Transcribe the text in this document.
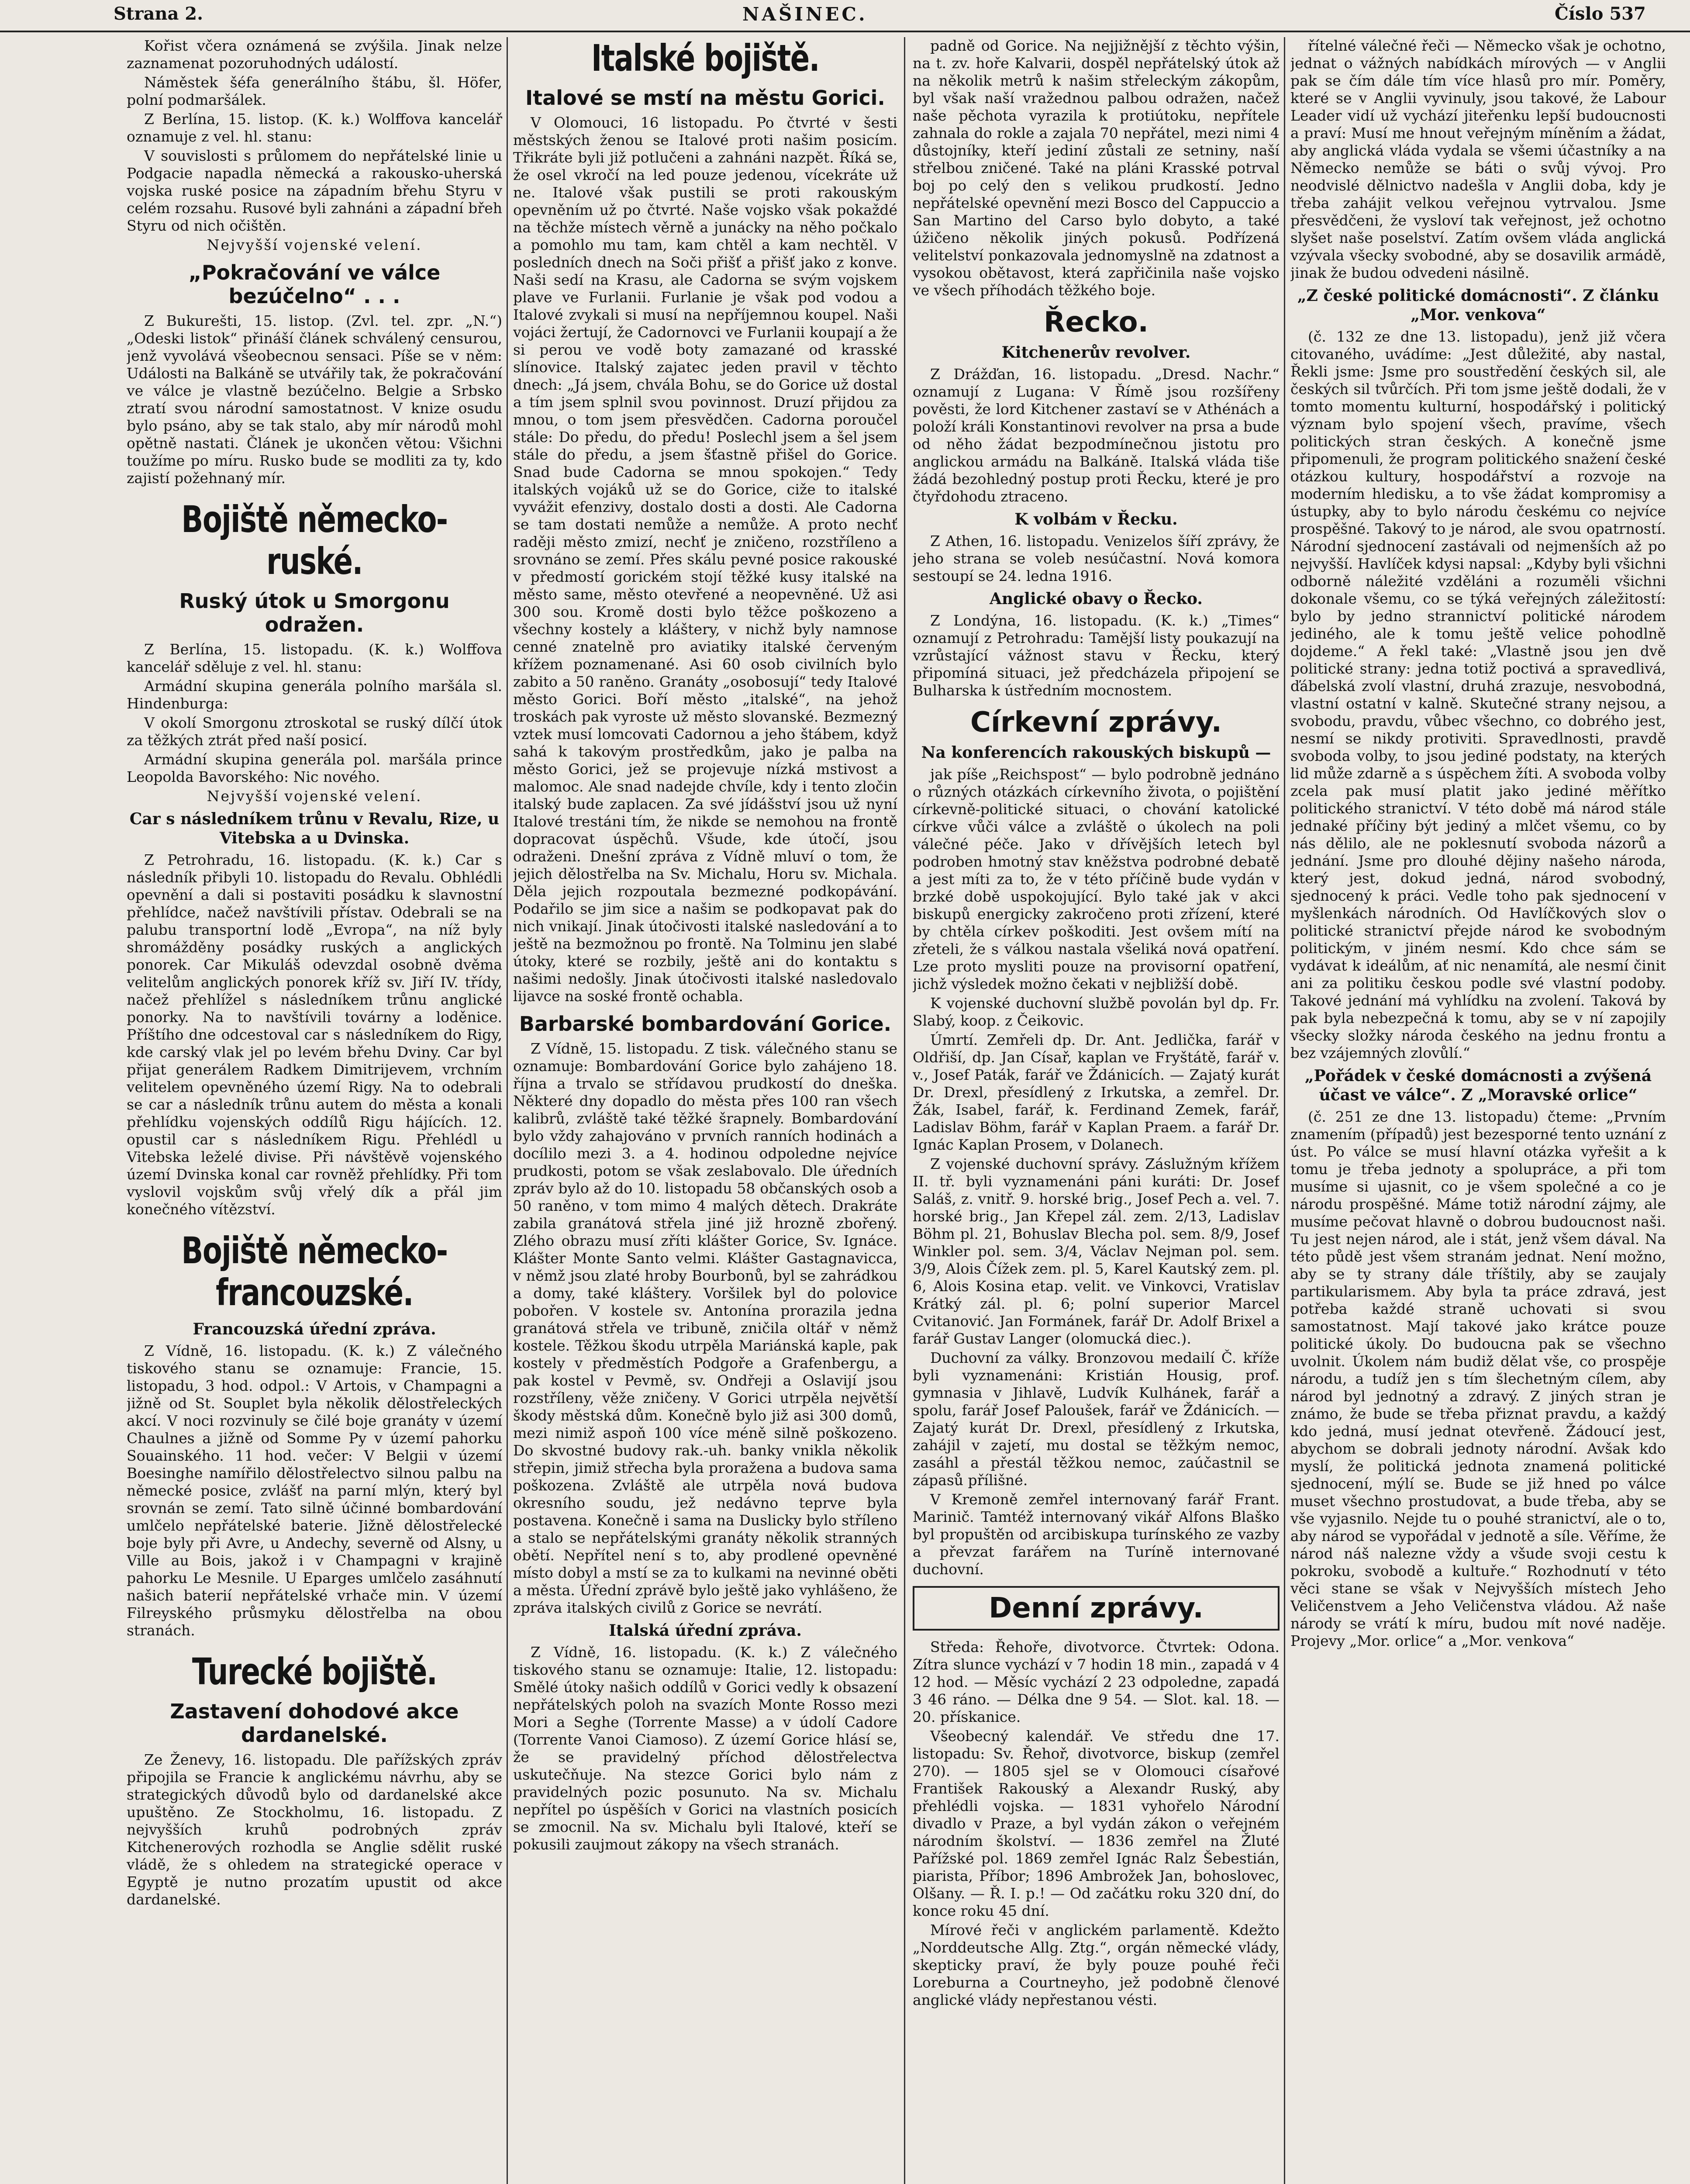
Strana 2.	NAŠINEC.	Číslo 537

Kořist včera oznámená se zvýšila. Jinak nelze zaznamenat pozoruhodných událostí.

Náměstek šéfa generálního štábu, šl. Höfer, polní podmaršálek.

Z Berlína, 15. listop. (K. k.) Wolffova kancelář oznamuje z vel. hl. stanu:

V souvislosti s průlomem do nepřátelské linie u Podgacie napadla německá a rakousko-uherská vojska ruské posice na západním břehu Styru v celém rozsahu. Rusové byli zahnáni a západní břeh Styru od nich očištěn.

Nejvyšší vojenské velení.

„Pokračování ve válce bezúčelno“ . . .

Z Bukurešti, 15. listop. (Zvl. tel. zpr. „N.“) „Odeski listok“ přináší článek schválený censurou, jenž vyvolává všeobecnou sensaci. Píše se v něm: Události na Balkáně se utvářily tak, že pokračování ve válce je vlastně bezúčelno. Belgie a Srbsko ztratí svou národní samostatnost. V knize osudu bylo psáno, aby se tak stalo, aby mír národů mohl opětně nastati. Článek je ukončen větou: Všichni toužíme po míru. Rusko bude se modliti za ty, kdo zajistí požehnaný mír.

Bojiště německo-ruské.
Ruský útok u Smorgonu odražen.

Z Berlína, 15. listopadu. (K. k.) Wolffova kancelář sděluje z vel. hl. stanu:

Armádní skupina generála polního maršála sl. Hindenburga:

V okolí Smorgonu ztroskotal se ruský dílčí útok za těžkých ztrát před naší posicí.

Armádní skupina generála pol. maršála prince Leopolda Bavorského: Nic nového.

Nejvyšší vojenské velení.

Car s následníkem trůnu v Revalu, Rize, u Vitebska a u Dvinska.

Z Petrohradu, 16. listopadu. (K. k.) Car s následník přibyli 10. listopadu do Revalu. Obhlédli opevnění a dali si postaviti posádku k slavnostní přehlídce, načež navštívili přístav. Odebrali se na palubu transportní lodě „Evropa“, na níž byly shromážděny posádky ruských a anglických ponorek. Car Mikuláš odevzdal osobně dvěma velitelům anglických ponorek kříž sv. Jiří IV. třídy, načež přehlížel s následníkem trůnu anglické ponorky. Na to navštívili továrny a loděnice. Příštího dne odcestoval car s následníkem do Rigy, kde carský vlak jel po levém břehu Dviny. Car byl přijat generálem Radkem Dimitrijevem, vrchním velitelem opevněného území Rigy. Na to odebrali se car a následník trůnu autem do města a konali přehlídku vojenských oddílů Rigu hájících. 12. opustil car s následníkem Rigu. Přehlédl u Vitebska leželé divise. Při návštěvě vojenského území Dvinska konal car rovněž přehlídky. Při tom vyslovil vojskům svůj vřelý dík a přál jim konečného vítězství.

Bojiště německo-francouzské.
Francouzská úřední zpráva.

Z Vídně, 16. listopadu. (K. k.) Z válečného tiskového stanu se oznamuje: Francie, 15. listopadu, 3 hod. odpol.: V Artois, v Champagni a jižně od St. Souplet byla několik dělostřeleckých akcí. V noci rozvinuly se čilé boje granáty v území Chaulnes a jižně od Somme Py v území pahorku Souainského. 11 hod. večer: V Belgii v území Boesinghe namířilo dělostřelectvo silnou palbu na německé posice, zvlášť na parní mlýn, který byl srovnán se zemí. Tato silně účinné bombardování umlčelo nepřátelské baterie. Jižně dělostřelecké boje byly při Avre, u Andechy, severně od Alsny, u Ville au Bois, jakož i v Champagni v krajině pahorku Le Mesnile. U Eparges umlčelo zasáhnutí našich baterií nepřátelské vrhače min. V území Filreyského průsmyku dělostřelba na obou stranách.

Turecké bojiště.
Zastavení dohodové akce dardanelské.

Ze Ženevy, 16. listopadu. Dle pařížských zpráv připojila se Francie k anglickému návrhu, aby se strategických důvodů bylo od dardanelské akce upuštěno. Ze Stockholmu, 16. listopadu. Z nejvyšších kruhů podrobných zpráv Kitchenerových rozhodla se Anglie sdělit ruské vládě, že s ohledem na strategické operace v Egyptě je nutno prozatím upustit od akce dardanelské.

Italské bojiště.
Italové se mstí na městu Gorici.

V Olomouci, 16 listopadu. Po čtvrté v šesti městských ženou se Italové proti našim posicím. Třikráte byli již potlučeni a zahnáni nazpět. Říká se, že osel vkročí na led pouze jedenou, vícekráte už ne. Italové však pustili se proti rakouským opevněním už po čtvrté. Naše vojsko však pokaždé na těchže místech věrně a junácky na něho počkalo a pomohlo mu tam, kam chtěl a kam nechtěl. V posledních dnech na Soči přišť a přišť jako z konve. Naši sedí na Krasu, ale Cadorna se svým vojskem plave ve Furlanii. Furlanie je však pod vodou a Italové zvykali si musí na nepříjemnou koupel. Naši vojáci žertují, že Cadornovci ve Furlanii koupají a že si perou ve vodě boty zamazané od krasské slínovice. Italský zajatec jeden pravil v těchto dnech: „Já jsem, chvála Bohu, se do Gorice už dostal a tím jsem splnil svou povinnost. Druzí přijdou za mnou, o tom jsem přesvědčen. Cadorna poroučel stále: Do předu, do předu! Poslechl jsem a šel jsem stále do předu, a jsem šťastně přišel do Gorice. Snad bude Cadorna se mnou spokojen.“ Tedy italských vojáků už se do Gorice, ciže to italské vyvážit efenzivy, dostalo dosti a dosti. Ale Cadorna se tam dostati nemůže a nemůže. A proto nechť raději město zmizí, nechť je zničeno, rozstříleno a srovnáno se zemí. Přes skálu pevné posice rakouské v předmostí gorickém stojí těžké kusy italské na město same, město otevřené a neopevněné. Už asi 300 sou. Kromě dosti bylo těžce poškozeno a všechny kostely a kláštery, v nichž byly namnose cenné znatelně pro aviatiky italské červeným křížem poznamenané. Asi 60 osob civilních bylo zabito a 50 raněno. Granáty „osobosují“ tedy Italové město Gorici. Boří město „italské“, na jehož troskách pak vyroste už město slovanské. Bezmezný vztek musí lomcovati Cadornou a jeho štábem, když sahá k takovým prostředkům, jako je palba na město Gorici, jež se projevuje nízká mstivost a malomoc. Ale snad nadejde chvíle, kdy i tento zločin italský bude zaplacen. Za své jídášství jsou už nyní Italové trestáni tím, že nikde se nemohou na frontě dopracovat úspěchů. Všude, kde útočí, jsou odraženi. Dnešní zpráva z Vídně mluví o tom, že jejich dělostřelba na Sv. Michalu, Horu sv. Michala. Děla jejich rozpoutala bezmezné podkopávání. Podařilo se jim sice a našim se podkopavat pak do nich vnikají. Jinak útočivosti italské nasledování a to ještě na bezmožnou po frontě. Na Tolminu jen slabé útoky, které se rozbily, ještě ani do kontaktu s našimi nedošly. Jinak útočivosti italské nasledovalo lijavce na soské frontě ochabla.

Barbarské bombardování Gorice.

Z Vídně, 15. listopadu. Z tisk. válečného stanu se oznamuje: Bombardování Gorice bylo zahájeno 18. října a trvalo se střídavou prudkostí do dneška. Některé dny dopadlo do města přes 100 ran všech kalibrů, zvláště také těžké šrapnely. Bombardování bylo vždy zahajováno v prvních ranních hodinách a docílilo mezi 3. a 4. hodinou odpoledne nejvíce prudkosti, potom se však zeslabovalo. Dle úředních zpráv bylo až do 10. listopadu 58 občanských osob a 50 raněno, v tom mimo 4 malých dětech. Drakráte zabila granátová střela jiné již hrozně zbořený. Zlého obrazu musí zříti klášter Gorice, Sv. Ignáce. Klášter Monte Santo velmi. Klášter Gastagnavicca, v němž jsou zlaté hroby Bourbonů, byl se zahrádkou a domy, také kláštery. Voršilek byl do polovice pobořen. V kostele sv. Antonína prorazila jedna granátová střela ve tribuně, zničila oltář v němž kostele. Těžkou škodu utrpěla Mariánská kaple, pak kostely v předměstích Podgoře a Grafenbergu, a pak kostel v Pevmě, sv. Ondřeji a Oslavijí jsou rozstříleny, věže zničeny. V Gorici utrpěla největší škody městská dům. Konečně bylo již asi 300 domů, mezi nimiž aspoň 100 více méně silně poškozeno. Do skvostné budovy rak.-uh. banky vnikla několik střepin, jimiž střecha byla proražena a budova sama poškozena. Zvláště ale utrpěla nová budova okresního soudu, jež nedávno teprve byla postavena. Konečně i sama na Duslicky bylo stříleno a stalo se nepřátelskými granáty několik stranných obětí. Nepřítel není s to, aby prodlené opevněné místo dobyl a mstí se za to kulkami na nevinné oběti a města. Úřední zprávě bylo ještě jako vyhlášeno, že zpráva italských civilů z Gorice se nevrátí.

Italská úřední zpráva.

Z Vídně, 16. listopadu. (K. k.) Z válečného tiskového stanu se oznamuje: Italie, 12. listopadu: Smělé útoky našich oddílů v Gorici vedly k obsazení nepřátelských poloh na svazích Monte Rosso mezi Mori a Seghe (Torrente Masse) a v údolí Cadore (Torrente Vanoi Ciamoso). Z území Gorice hlásí se, že se pravidelný příchod dělostřelectva uskutečňuje. Na stezce Gorici bylo nám z pravidelných pozic posunuto. Na sv. Michalu nepřítel po úspěších v Gorici na vlastních posicích se zmocnil. Na sv. Michalu byli Italové, kteří se pokusili zaujmout zákopy na všech stranách.

padně od Gorice. Na nejjižnější z těchto výšin, na t. zv. hoře Kalvarii, dospěl nepřátelský útok až na několik metrů k našim střeleckým zákopům, byl však naší vražednou palbou odražen, načež naše pěchota vyrazila k protiútoku, nepřítele zahnala do rokle a zajala 70 nepřátel, mezi nimi 4 důstojníky, kteří jediní zůstali ze setniny, naší střelbou zničené. Také na pláni Krasské potrval boj po celý den s velikou prudkostí. Jedno nepřátelské opevnění mezi Bosco del Cappuccio a San Martino del Carso bylo dobyto, a také úžičeno několik jiných pokusů. Podřízená velitelství ponkazovala jednomyslně na zdatnost a vysokou obětavost, která zapřičinila naše vojsko ve všech příhodách těžkého boje.

Řecko.
Kitchenerův revolver.

Z Drážďan, 16. listopadu. „Dresd. Nachr.“ oznamují z Lugana: V Římě jsou rozšířeny pověsti, že lord Kitchener zastaví se v Athénách a položí králi Konstantinovi revolver na prsa a bude od něho žádat bezpodmínečnou jistotu pro anglickou armádu na Balkáně. Italská vláda tiše žádá bezohledný postup proti Řecku, které je pro čtyřdohodu ztraceno.

K volbám v Řecku.

Z Athen, 16. listopadu. Venizelos šíří zprávy, že jeho strana se voleb nesúčastní. Nová komora sestoupí se 24. ledna 1916.

Anglické obavy o Řecko.

Z Londýna, 16. listopadu. (K. k.) „Times“ oznamují z Petrohradu: Tamější listy poukazují na vzrůstající vážnost stavu v Řecku, který připomíná situaci, jež předcházela připojení se Bulharska k ústředním mocnostem.

Církevní zprávy.
Na konferencích rakouských biskupů —

jak píše „Reichspost“ — bylo podrobně jednáno o různých otázkách církevního života, o pojištění církevně-politické situaci, o chování katolické církve vůči válce a zvláště o úkolech na poli válečné péče. Jako v dřívějších letech byl podroben hmotný stav kněžstva podrobné debatě a jest míti za to, že v této příčině bude vydán v brzké době uspokojující. Bylo také jak v akci biskupů energicky zakročeno proti zřízení, které by chtěla církev poškoditi. Jest ovšem mítí na zřeteli, že s válkou nastala všeliká nová opatření. Lze proto mysliti pouze na provisorní opatření, jichž výsledek možno čekati v nejbližší době.

K vojenské duchovní službě povolán byl dp. Fr. Slabý, koop. z Čeikovic.

Úmrtí. Zemřeli dp. Dr. Ant. Jedlička, farář v Oldřiší, dp. Jan Císař, kaplan ve Fryštátě, farář v. v., Josef Paták, farář ve Ždánicích. — Zajatý kurát Dr. Drexl, přesídlený z Irkutska, a zemřel. Dr. Žák, Isabel, farář, k. Ferdinand Zemek, farář, Ladislav Böhm, farář v Kaplan Praem. a farář Dr. Ignác Kaplan Prosem, v Dolanech.

Z vojenské duchovní správy. Záslužným křížem II. tř. byli vyznamenáni páni kuráti: Dr. Josef Saláš, z. vnitř. 9. horské brig., Josef Pech a. vel. 7. horské brig., Jan Křepel zál. zem. 2/13, Ladislav Böhm pl. 21, Bohuslav Blecha pol. sem. 8/9, Josef Winkler pol. sem. 3/4, Václav Nejman pol. sem. 3/9, Alois Čížek zem. pl. 5, Karel Kautský zem. pl. 6, Alois Kosina etap. velit. ve Vinkovci, Vratislav Krátký zál. pl. 6; polní superior Marcel Cvitanović. Jan Formánek, farář Dr. Adolf Brixel a farář Gustav Langer (olomucká diec.).

Duchovní za války. Bronzovou medailí Č. kříže byli vyznamenáni: Kristián Housig, prof. gymnasia v Jihlavě, Ludvík Kulhánek, farář a spolu, farář Josef Paloušek, farář ve Ždánicích. — Zajatý kurát Dr. Drexl, přesídlený z Irkutska, zahájil v zajetí, mu dostal se těžkým nemoc, zasáhl a přestál těžkou nemoc, zaúčastnil se zápasů přílišné.

V Kremoně zemřel internovaný farář Frant. Marinič. Tamtéž internovaný vikář Alfons Blaško byl propuštěn od arcibiskupa turínského ze vazby a převzat farářem na Turíně internované duchovní.

Denní zprávy.

Středa: Řehoře, divotvorce. Čtvrtek: Odona. Zítra slunce vychází v 7 hodin 18 min., zapadá v 4 12 hod. — Měsíc vychází 2 23 odpoledne, zapadá 3 46 ráno. — Délka dne 9 54. — Slot. kal. 18. — 20. přískanice.

Všeobecný kalendář. Ve středu dne 17. listopadu: Sv. Řehoř, divotvorce, biskup (zemřel 270). — 1805 sjel se v Olomouci císařové František Rakouský a Alexandr Ruský, aby přehlédli vojska. — 1831 vyhořelo Národní divadlo v Praze, a byl vydán zákon o veřejném národním školství. — 1836 zemřel na Žluté Pařížské pol. 1869 zemřel Ignác Ralz Šebestián, piarista, Příbor; 1896 Ambrožek Jan, bohoslovec, Olšany. — Ř. I. p.! — Od začátku roku 320 dní, do konce roku 45 dní.

Mírové řeči v anglickém parlamentě. Kdežto „Norddeutsche Allg. Ztg.“, orgán německé vlády, skepticky praví, že byly pouze pouhé řeči Loreburna a Courtneyho, jež podobně členové anglické vlády nepřestanou vésti.

řítelné válečné řeči — Německo však je ochotno, jednat o vážných nabídkách mírových — v Anglii pak se čím dále tím více hlasů pro mír. Poměry, které se v Anglii vyvinuly, jsou takové, že Labour Leader vidí už vychází jiteřenku lepší budoucnosti a praví: Musí me hnout veřejným míněním a žádat, aby anglická vláda vydala se všemi účastníky a na Německo nemůže se báti o svůj vývoj. Pro neodvislé dělnictvo nadešla v Anglii doba, kdy je třeba zahájit velkou veřejnou vytrvalou. Jsme přesvědčeni, že vysloví tak veřejnost, jež ochotno slyšet naše poselství. Zatím ovšem vláda anglická vzývala všecky svobodné, aby se dosavilik armádě, jinak že budou odvedeni násilně.

„Z české politické domácnosti“. Z článku „Mor. venkova“

(č. 132 ze dne 13. listopadu), jenž již včera citovaného, uvádíme: „Jest důležité, aby nastal, Řekli jsme: Jsme pro soustředění českých sil, ale českých sil tvůrčích. Při tom jsme ještě dodali, že v tomto momentu kulturní, hospodářský i politický význam bylo spojení všech, pravíme, všech politických stran českých. A konečně jsme připomenuli, že program politického snažení české otázkou kultury, hospodářství a rozvoje na moderním hledisku, a to vše žádat kompromisy a ústupky, aby to bylo národu českému co nejvíce prospěšné. Takový to je národ, ale svou opatrností. Národní sjednocení zastávali od nejmenších až po nejvyšší. Havlíček kdysi napsal: „Kdyby byli všichni odborně náležité vzděláni a rozuměli všichni dokonale všemu, co se týká veřejných záležitostí: bylo by jedno strannictví politické národem jediného, ale k tomu ještě velice pohodlně dojdeme.“ A řekl také: „Vlastně jsou jen dvě politické strany: jedna totiž poctivá a spravedlivá, ďábelská zvolí vlastní, druhá zrazuje, nesvobodná, vlastní ostatní v kalně. Skutečné strany nejsou, a svobodu, pravdu, vůbec všechno, co dobrého jest, nesmí se nikdy protiviti. Spravedlnosti, pravdě svoboda volby, to jsou jediné podstaty, na kterých lid může zdarně a s úspěchem žíti. A svoboda volby zcela pak musí platit jako jediné měřítko politického stranictví. V této době má národ stále jednaké příčiny být jediný a mlčet všemu, co by nás dělilo, ale ne poklesnutí svoboda názorů a jednání. Jsme pro dlouhé dějiny našeho národa, který jest, dokud jedná, národ svobodný, sjednocený k práci. Vedle toho pak sjednocení v myšlenkách národních. Od Havlíčkových slov o politické stranictví přejde národ ke svobodným politickým, v jiném nesmí. Kdo chce sám se vydávat k ideálům, ať nic nenamítá, ale nesmí činit ani za politiku českou podle své vlastní podoby. Takové jednání má vyhlídku na zvolení. Taková by pak byla nebezpečná k tomu, aby se v ní zapojily všecky složky národa českého na jednu frontu a bez vzájemných zlovůlí.“

„Pořádek v české domácnosti a zvýšená účast ve válce“. Z „Moravské orlice“

(č. 251 ze dne 13. listopadu) čteme: „Prvním znamením (případů) jest bezesporné tento uznání z úst. Po válce se musí hlavní otázka vyřešit a k tomu je třeba jednoty a spolupráce, a při tom musíme si ujasnit, co je všem společné a co je národu prospěšné. Máme totiž národní zájmy, ale musíme pečovat hlavně o dobrou budoucnost naši. Tu jest nejen národ, ale i stát, jenž všem dával. Na této půdě jest všem stranám jednat. Není možno, aby se ty strany dále tříštily, aby se zaujaly partikularismem. Aby byla ta práce zdravá, jest potřeba každé straně uchovati si svou samostatnost. Mají takové jako krátce pouze politické úkoly. Do budoucna pak se všechno uvolnit. Úkolem nám budiž dělat vše, co prospěje národu, a tudíž jen s tím šlechetným cílem, aby národ byl jednotný a zdravý. Z jiných stran je známo, že bude se třeba přiznat pravdu, a každý kdo jedná, musí jednat otevřeně. Žádoucí jest, abychom se dobrali jednoty národní. Avšak kdo myslí, že politická jednota znamená politické sjednocení, mýlí se. Bude se již hned po válce muset všechno prostudovat, a bude třeba, aby se vše vyjasnilo. Nejde tu o pouhé stranictví, ale o to, aby národ se vypořádal v jednotě a síle. Věříme, že národ náš nalezne vždy a všude svoji cestu k pokroku, svobodě a kultuře.“ Rozhodnutí v této věci stane se však v Nejvyšších místech Jeho Veličenstvem a Jeho Veličenstva vládou. Až naše národy se vrátí k míru, budou mít nové naděje. Projevy „Mor. orlice“ a „Mor. venkova“
